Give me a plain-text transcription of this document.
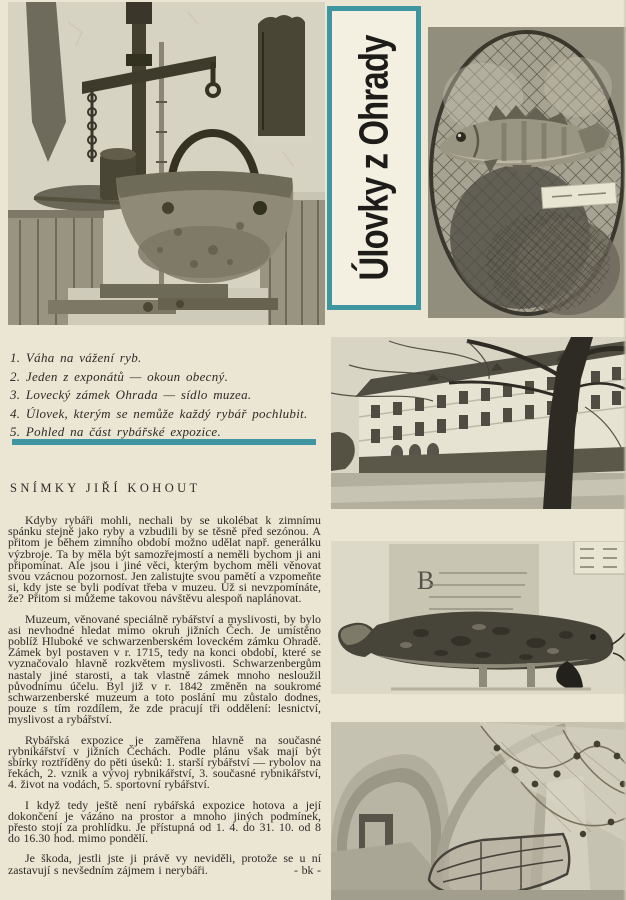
Úlovky z Ohrady
1. Váha na vážení ryb.
2. Jeden z exponátů — okoun obecný.
3. Lovecký zámek Ohrada — sídlo muzea.
4. Úlovek, kterým se nemůže každý rybář pochlubit.
5. Pohled na část rybářské expozice.
SNÍMKY JIŘÍ KOHOUT

Kdyby rybáři mohli, nechali by se ukolébat k zimnímu spánku stejně jako ryby a vzbudili by se těsně před sezónou. A přitom je během zimního období možno udělat např. generálku výzbroje. Ta by měla být samozřejmostí a neměli bychom ji ani připomínat. Ale jsou i jiné věci, kterým bychom měli věnovat svou vzácnou pozornost. Jen zalistujte svou pamětí a vzpomeňte si, kdy jste se byli podívat třeba v muzeu. Už si nevzpomínáte, že? Přitom si můžeme takovou návštěvu alespoň naplánovat.

Muzeum, věnované speciálně rybářství a myslivosti, by bylo asi nevhodné hledat mimo okruh jižních Čech. Je umístěno poblíž Hluboké ve schwarzenberském loveckém zámku Ohradě. Zámek byl postaven v r. 1715, tedy na konci období, které se vyznačovalo hlavně rozkvětem myslivosti. Schwarzenbergům nastaly jiné starosti, a tak vlastně zámek mnoho nesloužil původnímu účelu. Byl již v r. 1842 změněn na soukromé schwarzenberské muzeum a toto poslání mu zůstalo dodnes, pouze s tím rozdílem, že zde pracují tři oddělení: lesnictví, myslivost a rybářství.

Rybářská expozice je zaměřena hlavně na současné rybnikářství v jižních Čechách. Podle plánu však mají být sbírky roztříděny do pěti úseků: 1. starší rybářství — rybolov na řekách, 2. vznik a vývoj rybnikářství, 3. současné rybnikářství, 4. život na vodách, 5. sportovní rybářství.

I když tedy ještě není rybářská expozice hotova a její dokončení je vázáno na prostor a mnoho jiných podmínek, přesto stojí za prohlídku. Je přístupná od 1. 4. do 31. 10. od 8 do 16.30 hod. mimo pondělí.

Je škoda, jestli jste ji právě vy neviděli, protože se u ní zastavují s nevšedním zájmem i nerybáři.	- bk -

B
